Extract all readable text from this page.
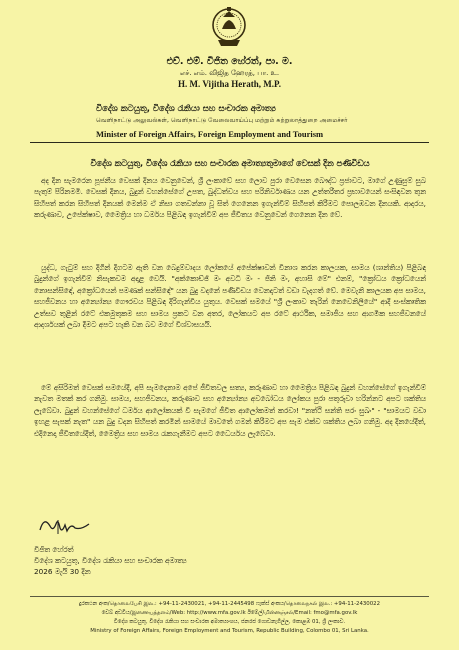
එච්. එම්. විජිත හේරත්, පා. ම.
எச். எம். விஜித ஹேரத், பா. உ.
H. M. Vijitha Herath, M.P.
විදේශ කටයුතු, විදේශ රැකියා සහ සංචාරක අමාත්‍ය
வெளிநாட்டு அலுவல்கள், வெளிநாட்டு வேலைவாய்ப்பு மற்றும் சுற்றுலாத்துறை அமைச்சர்
Minister of Foreign Affairs, Foreign Employment and Tourism
විදේශ කටයුතු, විදේශ රැකියා සහ සංචාරක අමාත්‍යතුමාගේ වෙසක් දින පණිවිඩය
අද දින සැමරෙන පූජනීය වෙසක් දිනය වෙනුවෙන්, ශ්‍රී ලංකාවේ සහ ලොව පුරා වෙසෙන බෞද්ධ ප්‍රජාවට, මාගේ උණුසුම් සුබ පැතුම් පිරිනමමි. වෙසක් දිනය, බුදුන් වහන්සේගේ උපත, බුද්ධත්වය සහ පරිනිර්වාණය යන උත්තරීතර ප්‍රභාවයෙන් සංසිඳවන තුන සිහිපත් කරන සිහිපත් දිනයක් මෙන්ම ඒ නිසා ගතවන්නා වූ සිත් ගෙනෙන ඉගැන්වීම් සිහිපත් කිරීමට පොලඹවන දිනයකි. ආදරය, කරුණාව, උපේක්ෂාව, මෛත්‍රිය හා ධර්මය පිළිබඳ ඉගැන්වීම් අප ජීවිතය වෙනුවෙන් ගෙනෙන දින වේ.
යුද්ධ, ගැටුම් සහ දිගින් දිගටම ඇති වන බෙදුම්වාදය ලෝකයේ අපේක්ෂාවන් විනාශ කරන කාලයක, සාමය (ශාන්තිය) පිළිබඳ බුදුන්ගේ ඉගැන්වීම් නිසැකවම අදාළ වෙයි. "අක්කොච්ඡි මං අවධි මං - ජිනි මං, අහාසි මේ" එනම්, "ක්‍රෝධය ක්‍රෝධයෙන් නොසන්සිඳේ, අක්‍රෝධයෙන් පමණක් සන්සිඳේ" යන බුදු වදනේ පණිවිඩය වෙනදාටත් වඩා වැදගත් වේ. මෙවැනි කාලයක අප සාමය, සහජීවනය හා අන්‍යෝන්‍ය ගෞරවය පිළිබඳ දිරිගැන්විය යුතුය. වෙසක් සමයේ "ශ්‍රී ලංකාව තැරින් නෙවෙනිලියේ" ආදී සංස්කෘතික උත්සව තුළින් රටේ එකමුතුකම සහ සාමය ප්‍රකට වන අතර, ලෝකයට අප රටේ ආර්ථික, සමාජීය සහ ආගමික සහජීවනයේ ආදර්ශයක් ලබා දීමට අපට හැකි වන බව මගේ විශ්වාසයයි.
මේ අසිරිමත් වෙසක් සමයේදී, අපි සැමදෙනාම අපේ ජීවිතවල සත්‍ය, කරුණාව හා මෛත්‍රිය පිළිබඳ බුදුන් වහන්සේගේ ඉගැන්වීම් නැවත මතක් කර ගනිමු. සාමය, සහජීවනය, කරුණාව සහ අන්‍යෝන්‍ය අවබෝධය ලෝකය පුරා පතුරුවා හරින්නට අපට ශක්තිය ලැබේවා. බුදුන් වහන්සේගේ ධර්මය ආලෝකයක් වී සැමගේ ජීවිත ආලෝකමත් කරවා! "නත්ථි සන්ති පරං සුඛං" - "සාමයට වඩා ඉහළ සැපක් නැත" යන බුදු වදන සිහිපත් කරමින් සාමයේ මාවතේ ගමන් කිරීමට අප සැම එක්ව ශක්තිය ලබා ගනිමු. අද දිනයේදීත්, එදිනෙදා ජීවිතයේදීත්, මෛත්‍රිය සහ සාමය රැකගැනීමට අපට ධෛර්යය ලැබේවා.
විජිත හේරත්
විදේශ කටයුතු, විදේශ රැකියා සහ සංචාරක අමාත්‍ය
2026 මැයි 30 දින
දුරකථන අංක/தொலைபேசி இல.: +94-11-2430021, +94-11-2445498 ෆැක්ස් අංකය/தொலைநகல் இல.: +94-11-2430022
වෙබ් අඩවිය/இணையத்தளம்/Web: http://www.mfa.gov.lk ඊමේල්/மின்னஞ்சல்/Email: fmo@mfa.gov.lk
විදේශ කටයුතු, විදේශ රැකියා සහ සංචාරක අමාත්‍යාංශය, ජනරජ ගොඩනැගිල්ල, කොළඹ 01, ශ්‍රී ලංකාව.
Ministry of Foreign Affairs, Foreign Employment and Tourism, Republic Building, Colombo 01, Sri Lanka.
